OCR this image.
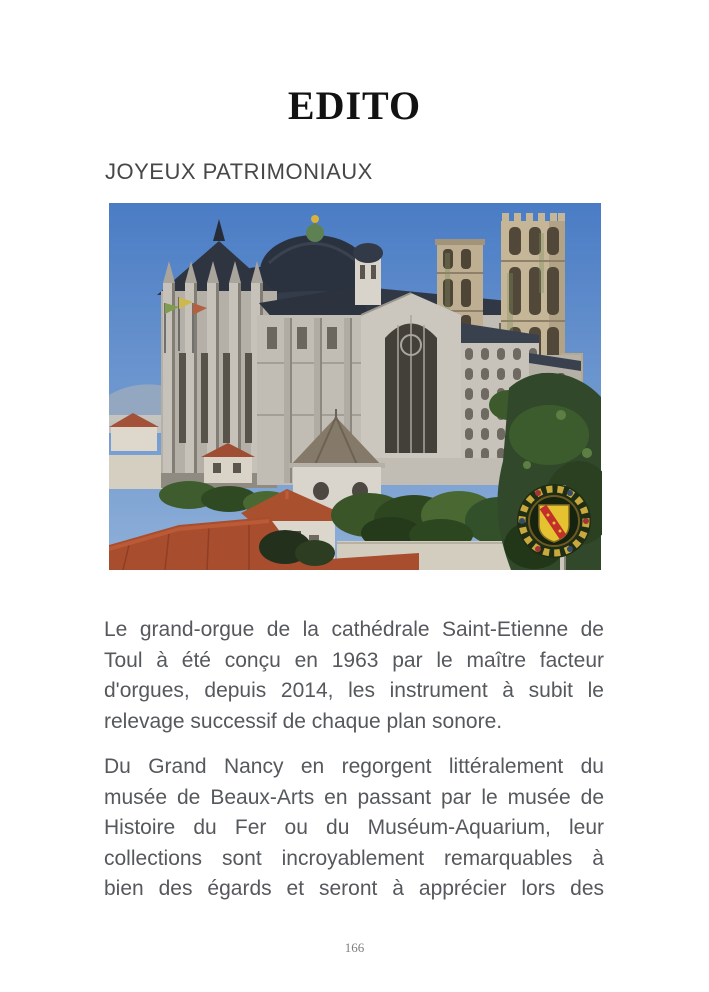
EDITO
JOYEUX PATRIMONIAUX
Le grand-orgue de la cathédrale Saint-Etienne de
Toul à été conçu en 1963 par le maître facteur
d'orgues, depuis 2014, les instrument à subit le
relevage successif de chaque plan sonore.
Du Grand Nancy en regorgent littéralement du
musée de Beaux-Arts en passant par le musée de
Histoire du Fer ou du Muséum-Aquarium, leur
collections sont incroyablement remarquables à
bien des égards et seront à apprécier lors des
166
